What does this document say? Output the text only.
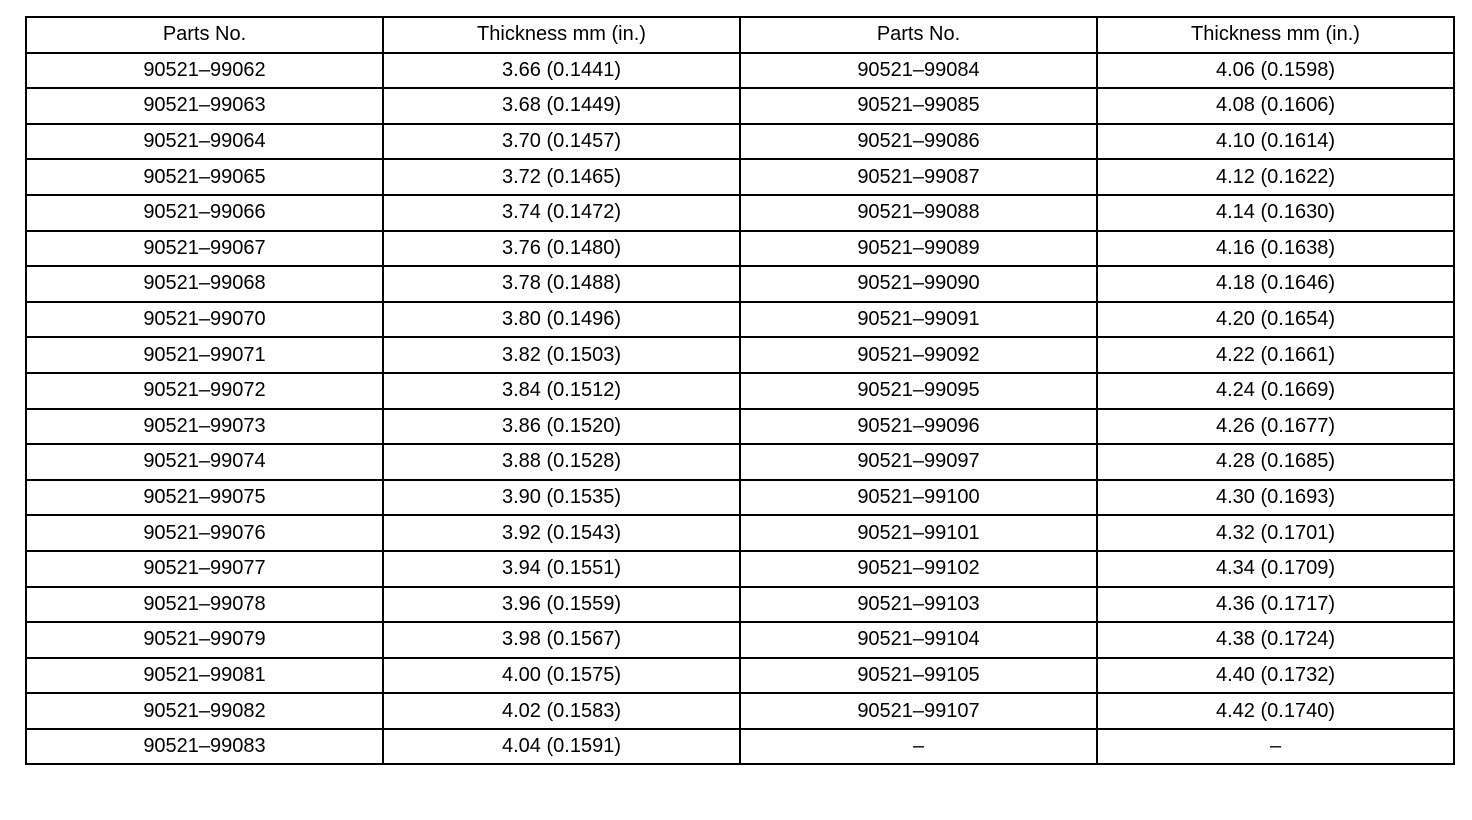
Parts No.	Thickness mm (in.)	Parts No.	Thickness mm (in.)
90521–99062	3.66 (0.1441)	90521–99084	4.06 (0.1598)
90521–99063	3.68 (0.1449)	90521–99085	4.08 (0.1606)
90521–99064	3.70 (0.1457)	90521–99086	4.10 (0.1614)
90521–99065	3.72 (0.1465)	90521–99087	4.12 (0.1622)
90521–99066	3.74 (0.1472)	90521–99088	4.14 (0.1630)
90521–99067	3.76 (0.1480)	90521–99089	4.16 (0.1638)
90521–99068	3.78 (0.1488)	90521–99090	4.18 (0.1646)
90521–99070	3.80 (0.1496)	90521–99091	4.20 (0.1654)
90521–99071	3.82 (0.1503)	90521–99092	4.22 (0.1661)
90521–99072	3.84 (0.1512)	90521–99095	4.24 (0.1669)
90521–99073	3.86 (0.1520)	90521–99096	4.26 (0.1677)
90521–99074	3.88 (0.1528)	90521–99097	4.28 (0.1685)
90521–99075	3.90 (0.1535)	90521–99100	4.30 (0.1693)
90521–99076	3.92 (0.1543)	90521–99101	4.32 (0.1701)
90521–99077	3.94 (0.1551)	90521–99102	4.34 (0.1709)
90521–99078	3.96 (0.1559)	90521–99103	4.36 (0.1717)
90521–99079	3.98 (0.1567)	90521–99104	4.38 (0.1724)
90521–99081	4.00 (0.1575)	90521–99105	4.40 (0.1732)
90521–99082	4.02 (0.1583)	90521–99107	4.42 (0.1740)
90521–99083	4.04 (0.1591)	–	–
